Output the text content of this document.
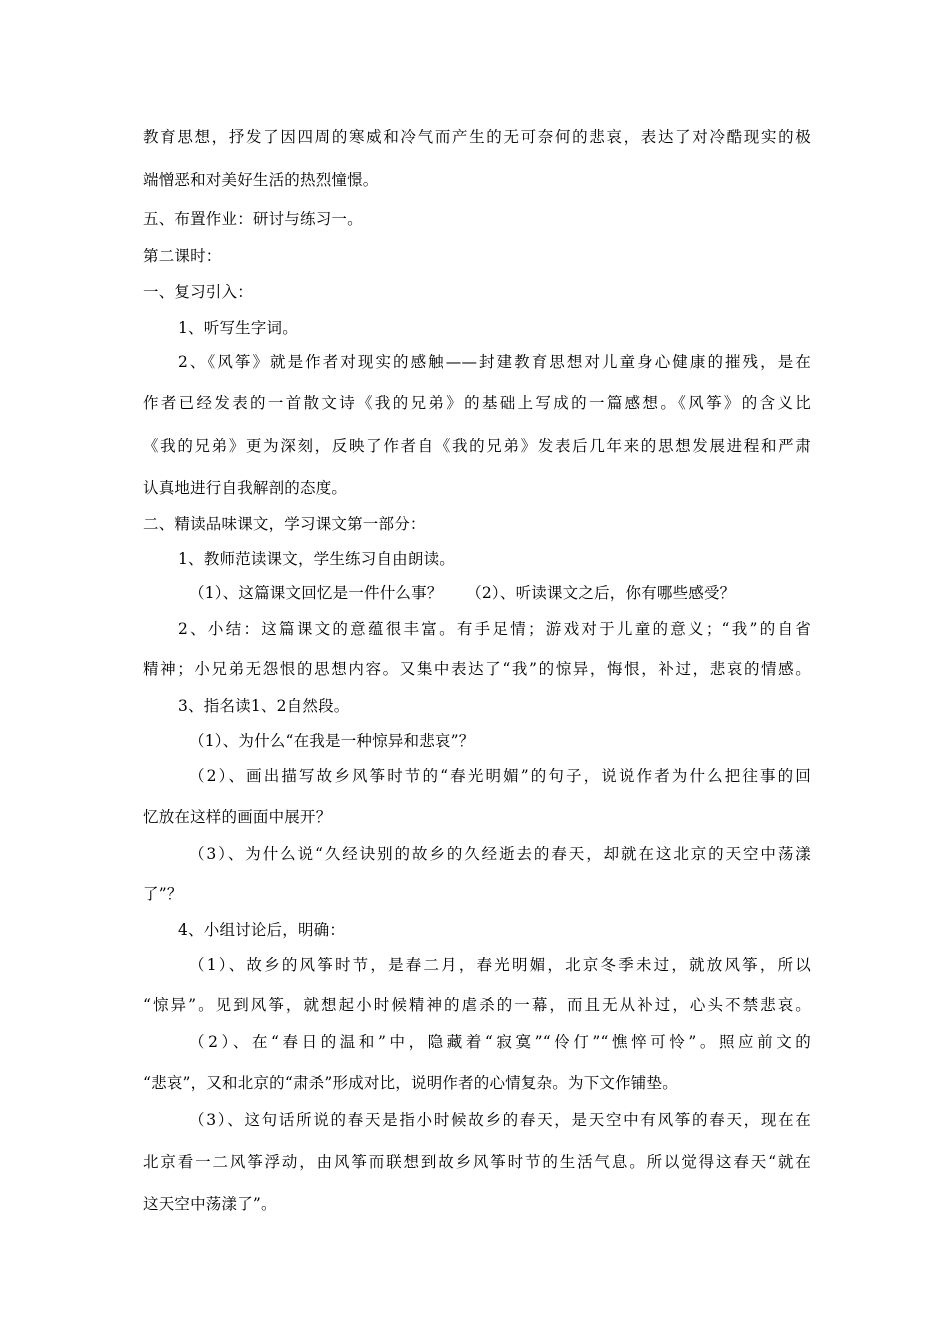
教育思想，抒发了因四周的寒威和冷气而产生的无可奈何的悲哀，表达了对冷酷现实的极
端憎恶和对美好生活的热烈憧憬。
五、布置作业：研讨与练习一。
第二课时：
一、复习引入：
1、听写生字词。
2、《风筝》就是作者对现实的感触——封建教育思想对儿童身心健康的摧残，是在
作者已经发表的一首散文诗《我的兄弟》的基础上写成的一篇感想。《风筝》的含义比
《我的兄弟》更为深刻，反映了作者自《我的兄弟》发表后几年来的思想发展进程和严肃
认真地进行自我解剖的态度。
二、精读品味课文，学习课文第一部分：
1、教师范读课文，学生练习自由朗读。
（1）、这篇课文回忆是一件什么事？　　（2）、听读课文之后，你有哪些感受？
2、小结：这篇课文的意蕴很丰富。有手足情；游戏对于儿童的意义；“我”的自省
精神；小兄弟无怨恨的思想内容。又集中表达了“我”的惊异，悔恨，补过，悲哀的情感。
3、指名读1、2自然段。
（1）、为什么“在我是一种惊异和悲哀”？
（2）、画出描写故乡风筝时节的“春光明媚”的句子，说说作者为什么把往事的回
忆放在这样的画面中展开？
（3）、为什么说“久经诀别的故乡的久经逝去的春天，却就在这北京的天空中荡漾
了”？
4、小组讨论后，明确：
（1）、故乡的风筝时节，是春二月，春光明媚，北京冬季未过，就放风筝，所以
“惊异”。见到风筝，就想起小时候精神的虐杀的一幕，而且无从补过，心头不禁悲哀。
（2）、在“春日的温和”中，隐藏着“寂寞”“伶仃”“憔悴可怜”。照应前文的
“悲哀”，又和北京的“肃杀”形成对比，说明作者的心情复杂。为下文作铺垫。
（3）、这句话所说的春天是指小时候故乡的春天，是天空中有风筝的春天，现在在
北京看一二风筝浮动，由风筝而联想到故乡风筝时节的生活气息。所以觉得这春天“就在
这天空中荡漾了”。
